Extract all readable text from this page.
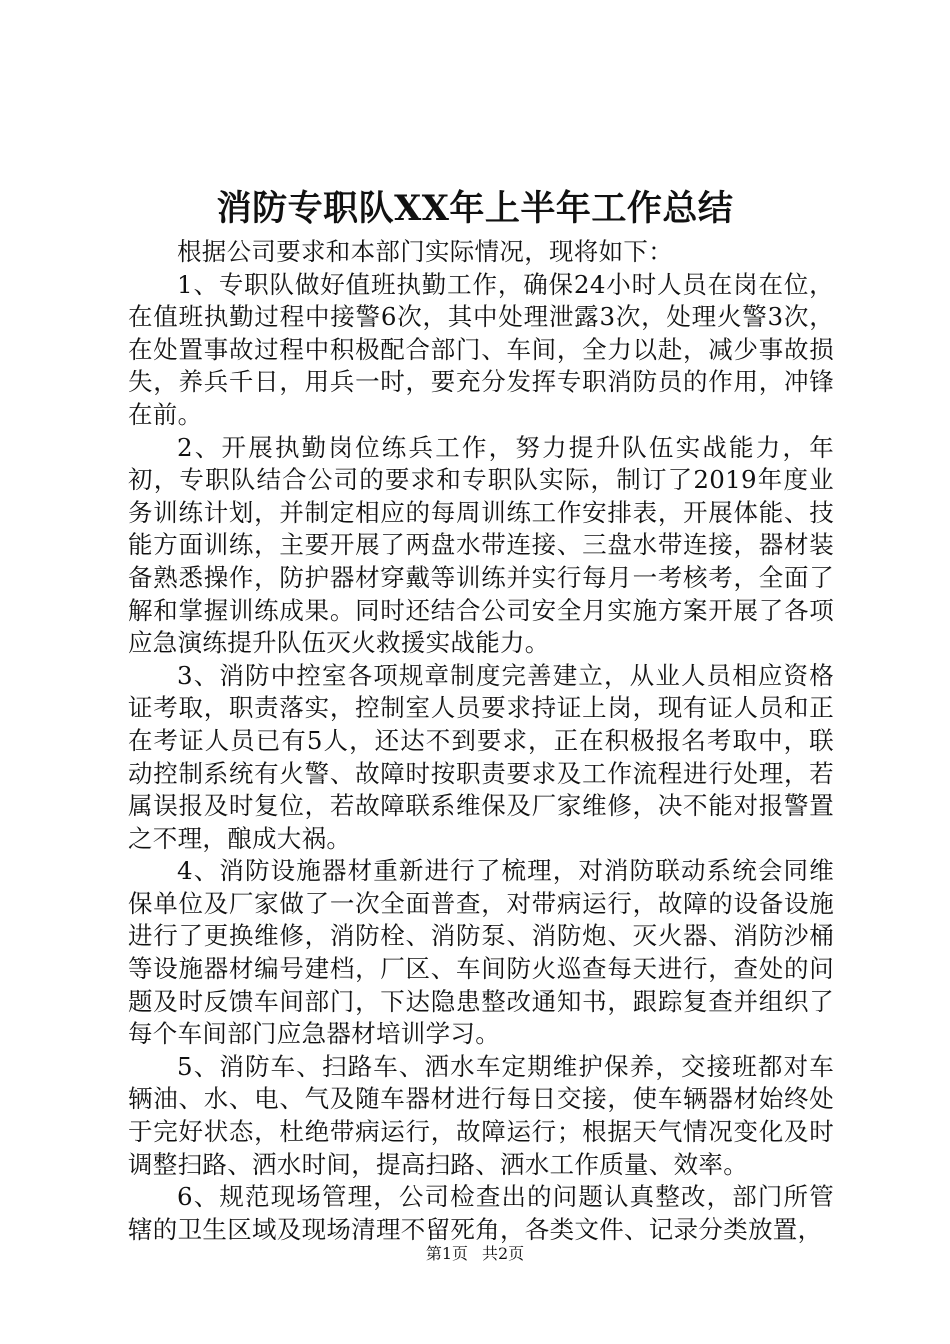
消防专职队XX年上半年工作总结

根据公司要求和本部门实际情况，现将如下：

1、专职队做好值班执勤工作，确保24小时人员在岗在位，在值班执勤过程中接警6次，其中处理泄露3次，处理火警3次，在处置事故过程中积极配合部门、车间，全力以赴，减少事故损失，养兵千日，用兵一时，要充分发挥专职消防员的作用，冲锋在前。

2、开展执勤岗位练兵工作，努力提升队伍实战能力，年初，专职队结合公司的要求和专职队实际，制订了2019年度业务训练计划，并制定相应的每周训练工作安排表，开展体能、技能方面训练，主要开展了两盘水带连接、三盘水带连接，器材装备熟悉操作，防护器材穿戴等训练并实行每月一考核考，全面了解和掌握训练成果。同时还结合公司安全月实施方案开展了各项应急演练提升队伍灭火救援实战能力。

3、消防中控室各项规章制度完善建立，从业人员相应资格证考取，职责落实，控制室人员要求持证上岗，现有证人员和正在考证人员已有5人，还达不到要求，正在积极报名考取中，联动控制系统有火警、故障时按职责要求及工作流程进行处理，若属误报及时复位，若故障联系维保及厂家维修，决不能对报警置之不理，酿成大祸。

4、消防设施器材重新进行了梳理，对消防联动系统会同维保单位及厂家做了一次全面普查，对带病运行，故障的设备设施进行了更换维修，消防栓、消防泵、消防炮、灭火器、消防沙桶等设施器材编号建档，厂区、车间防火巡查每天进行，查处的问题及时反馈车间部门，下达隐患整改通知书，跟踪复查并组织了每个车间部门应急器材培训学习。

5、消防车、扫路车、洒水车定期维护保养，交接班都对车辆油、水、电、气及随车器材进行每日交接，使车辆器材始终处于完好状态，杜绝带病运行，故障运行；根据天气情况变化及时调整扫路、洒水时间，提高扫路、洒水工作质量、效率。

6、规范现场管理，公司检查出的问题认真整改，部门所管辖的卫生区域及现场清理不留死角，各类文件、记录分类放置，

第1页 共2页
